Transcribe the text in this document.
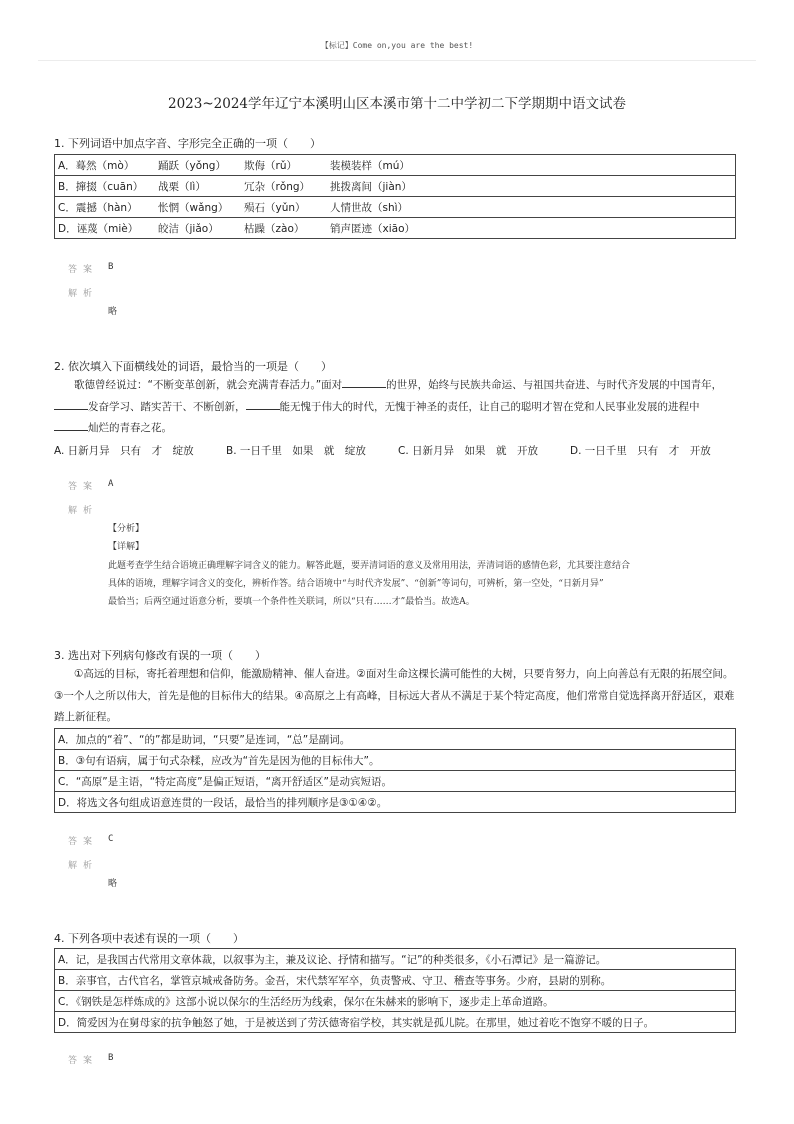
【标记】Come on,you are the best!
2023~2024学年辽宁本溪明山区本溪市第十二中学初二下学期期中语文试卷
1. 下列词语中加点字音、字形完全正确的一项（　　）
A．蓦然（mò） 踊跃（yǒng） 欺侮（rǔ）	装模装样（mú）
B．撺掇（cuān） 战栗（lì）	冗杂（rǒng） 挑拨离间（jiàn）
C．震撼（hàn） 怅惘（wǎng） 殒石（yǔn） 人情世故（shì）
D．诬蔑（miè） 皎洁（jiǎo） 枯躁（zào） 销声匿迹（xiāo）
答案 B
解析
略
2. 依次填入下面横线处的词语，最恰当的一项是（　　）
歌德曾经说过：“不断变革创新，就会充满青春活力。”面对	的世界，始终与民族共命运、与祖国共奋进、与时代齐发展的中国青年，
发奋学习、踏实苦干、不断创新，	能无愧于伟大的时代，无愧于神圣的责任，让自己的聪明才智在党和人民事业发展的进程中
灿烂的青春之花。
A. 日新月异　只有　才　绽放	B. 一日千里　如果　就　绽放	C. 日新月异　如果　就　开放	D. 一日千里　只有　才　开放
答案 A
解析
【分析】
【详解】
此题考查学生结合语境正确理解字词含义的能力。解答此题，要弄清词语的意义及常用用法，弄清词语的感情色彩，尤其要注意结合
具体的语境，理解字词含义的变化，辨析作答。结合语境中“与时代齐发展”、“创新”等词句，可辨析，第一空处，“日新月异”
最恰当；后两空通过语意分析，要填一个条件性关联词，所以“只有……才”最恰当。故选A。
3. 选出对下列病句修改有误的一项（　　）
①高远的目标，寄托着理想和信仰，能激励精神、催人奋进。②面对生命这棵长满可能性的大树，只要肯努力，向上向善总有无限的拓展空间。
③一个人之所以伟大，首先是他的目标伟大的结果。④高原之上有高峰，目标远大者从不满足于某个特定高度，他们常常自觉选择离开舒适区，艰难
踏上新征程。
A．加点的“着”、“的”都是助词，“只要”是连词，“总”是副词。
B．③句有语病，属于句式杂糅，应改为“首先是因为他的目标伟大”。
C．“高原”是主语，“特定高度”是偏正短语，“离开舒适区”是动宾短语。
D．将选文各句组成语意连贯的一段话，最恰当的排列顺序是③①④②。
答案 C
解析
略
4. 下列各项中表述有误的一项（　　）
A．记，是我国古代常用文章体裁，以叙事为主，兼及议论、抒情和描写。“记”的种类很多，《小石潭记》是一篇游记。
B．亲事官，古代官名，掌管京城戒备防务。金吾，宋代禁军军卒，负责警戒、守卫、稽查等事务。少府，县尉的别称。
C．《钢铁是怎样炼成的》这部小说以保尔的生活经历为线索，保尔在朱赫来的影响下，逐步走上革命道路。
D．简爱因为在舅母家的抗争触怒了她，于是被送到了劳沃德寄宿学校，其实就是孤儿院。在那里，她过着吃不饱穿不暖的日子。
答案 B
